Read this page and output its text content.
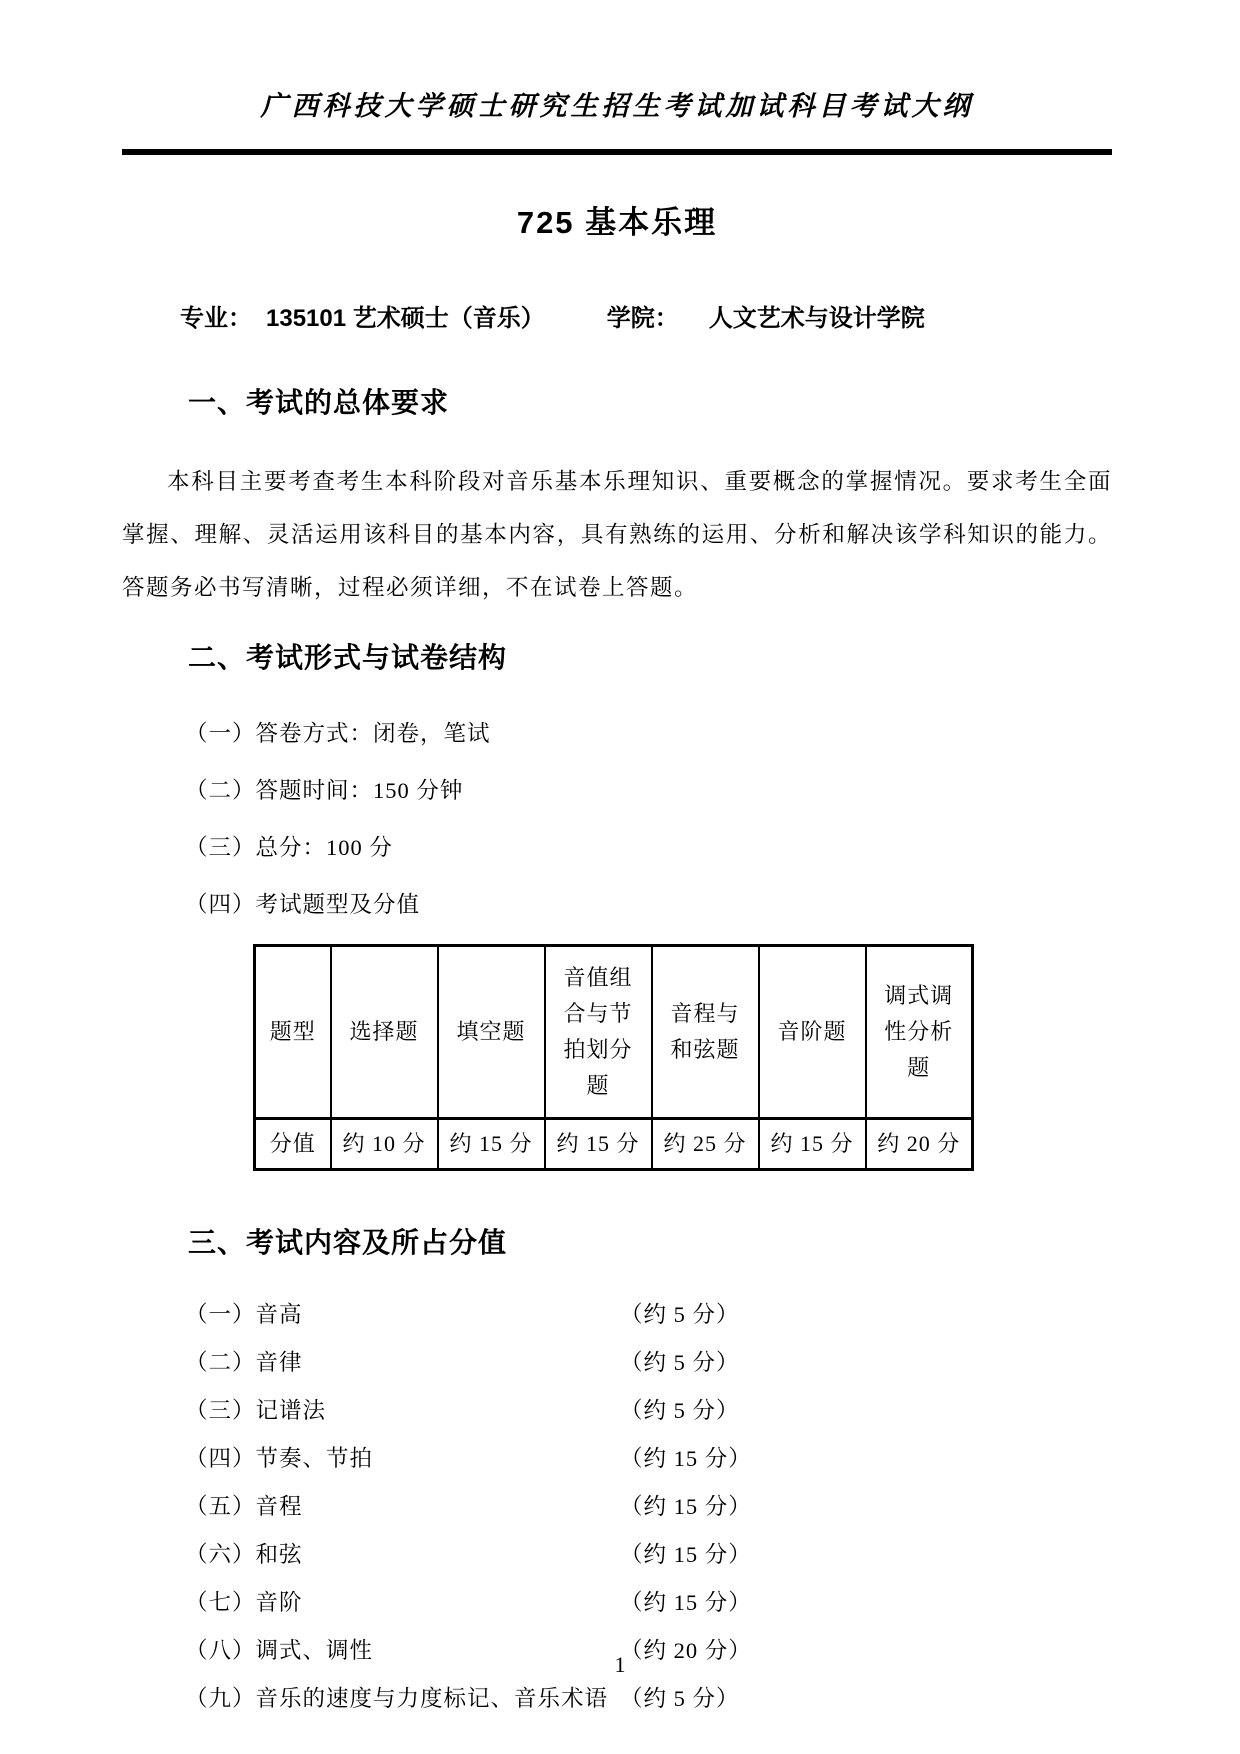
广西科技大学硕士研究生招生考试加试科目考试大纲
725 基本乐理
专业： 135101 艺术硕士（音乐）	学院： 人文艺术与设计学院
一、考试的总体要求
本科目主要考查考生本科阶段对音乐基本乐理知识、重要概念的掌握情况。要求考生全面掌握、理解、灵活运用该科目的基本内容，具有熟练的运用、分析和解决该学科知识的能力。答题务必书写清晰，过程必须详细，不在试卷上答题。
二、考试形式与试卷结构
（一）答卷方式：闭卷，笔试
（二）答题时间：150 分钟
（三）总分：100 分
（四）考试题型及分值
题型	选择题	填空题	音值组合与节拍划分题	音程与和弦题	音阶题	调式调性分析题
分值	约 10 分	约 15 分	约 15 分	约 25 分	约 15 分	约 20 分
三、考试内容及所占分值
（一）音高	（约 5 分）
（二）音律	（约 5 分）
（三）记谱法	（约 5 分）
（四）节奏、节拍	（约 15 分）
（五）音程	（约 15 分）
（六）和弦	（约 15 分）
（七）音阶	（约 15 分）
（八）调式、调性	（约 20 分）
（九）音乐的速度与力度标记、音乐术语 （约 5 分）
1
